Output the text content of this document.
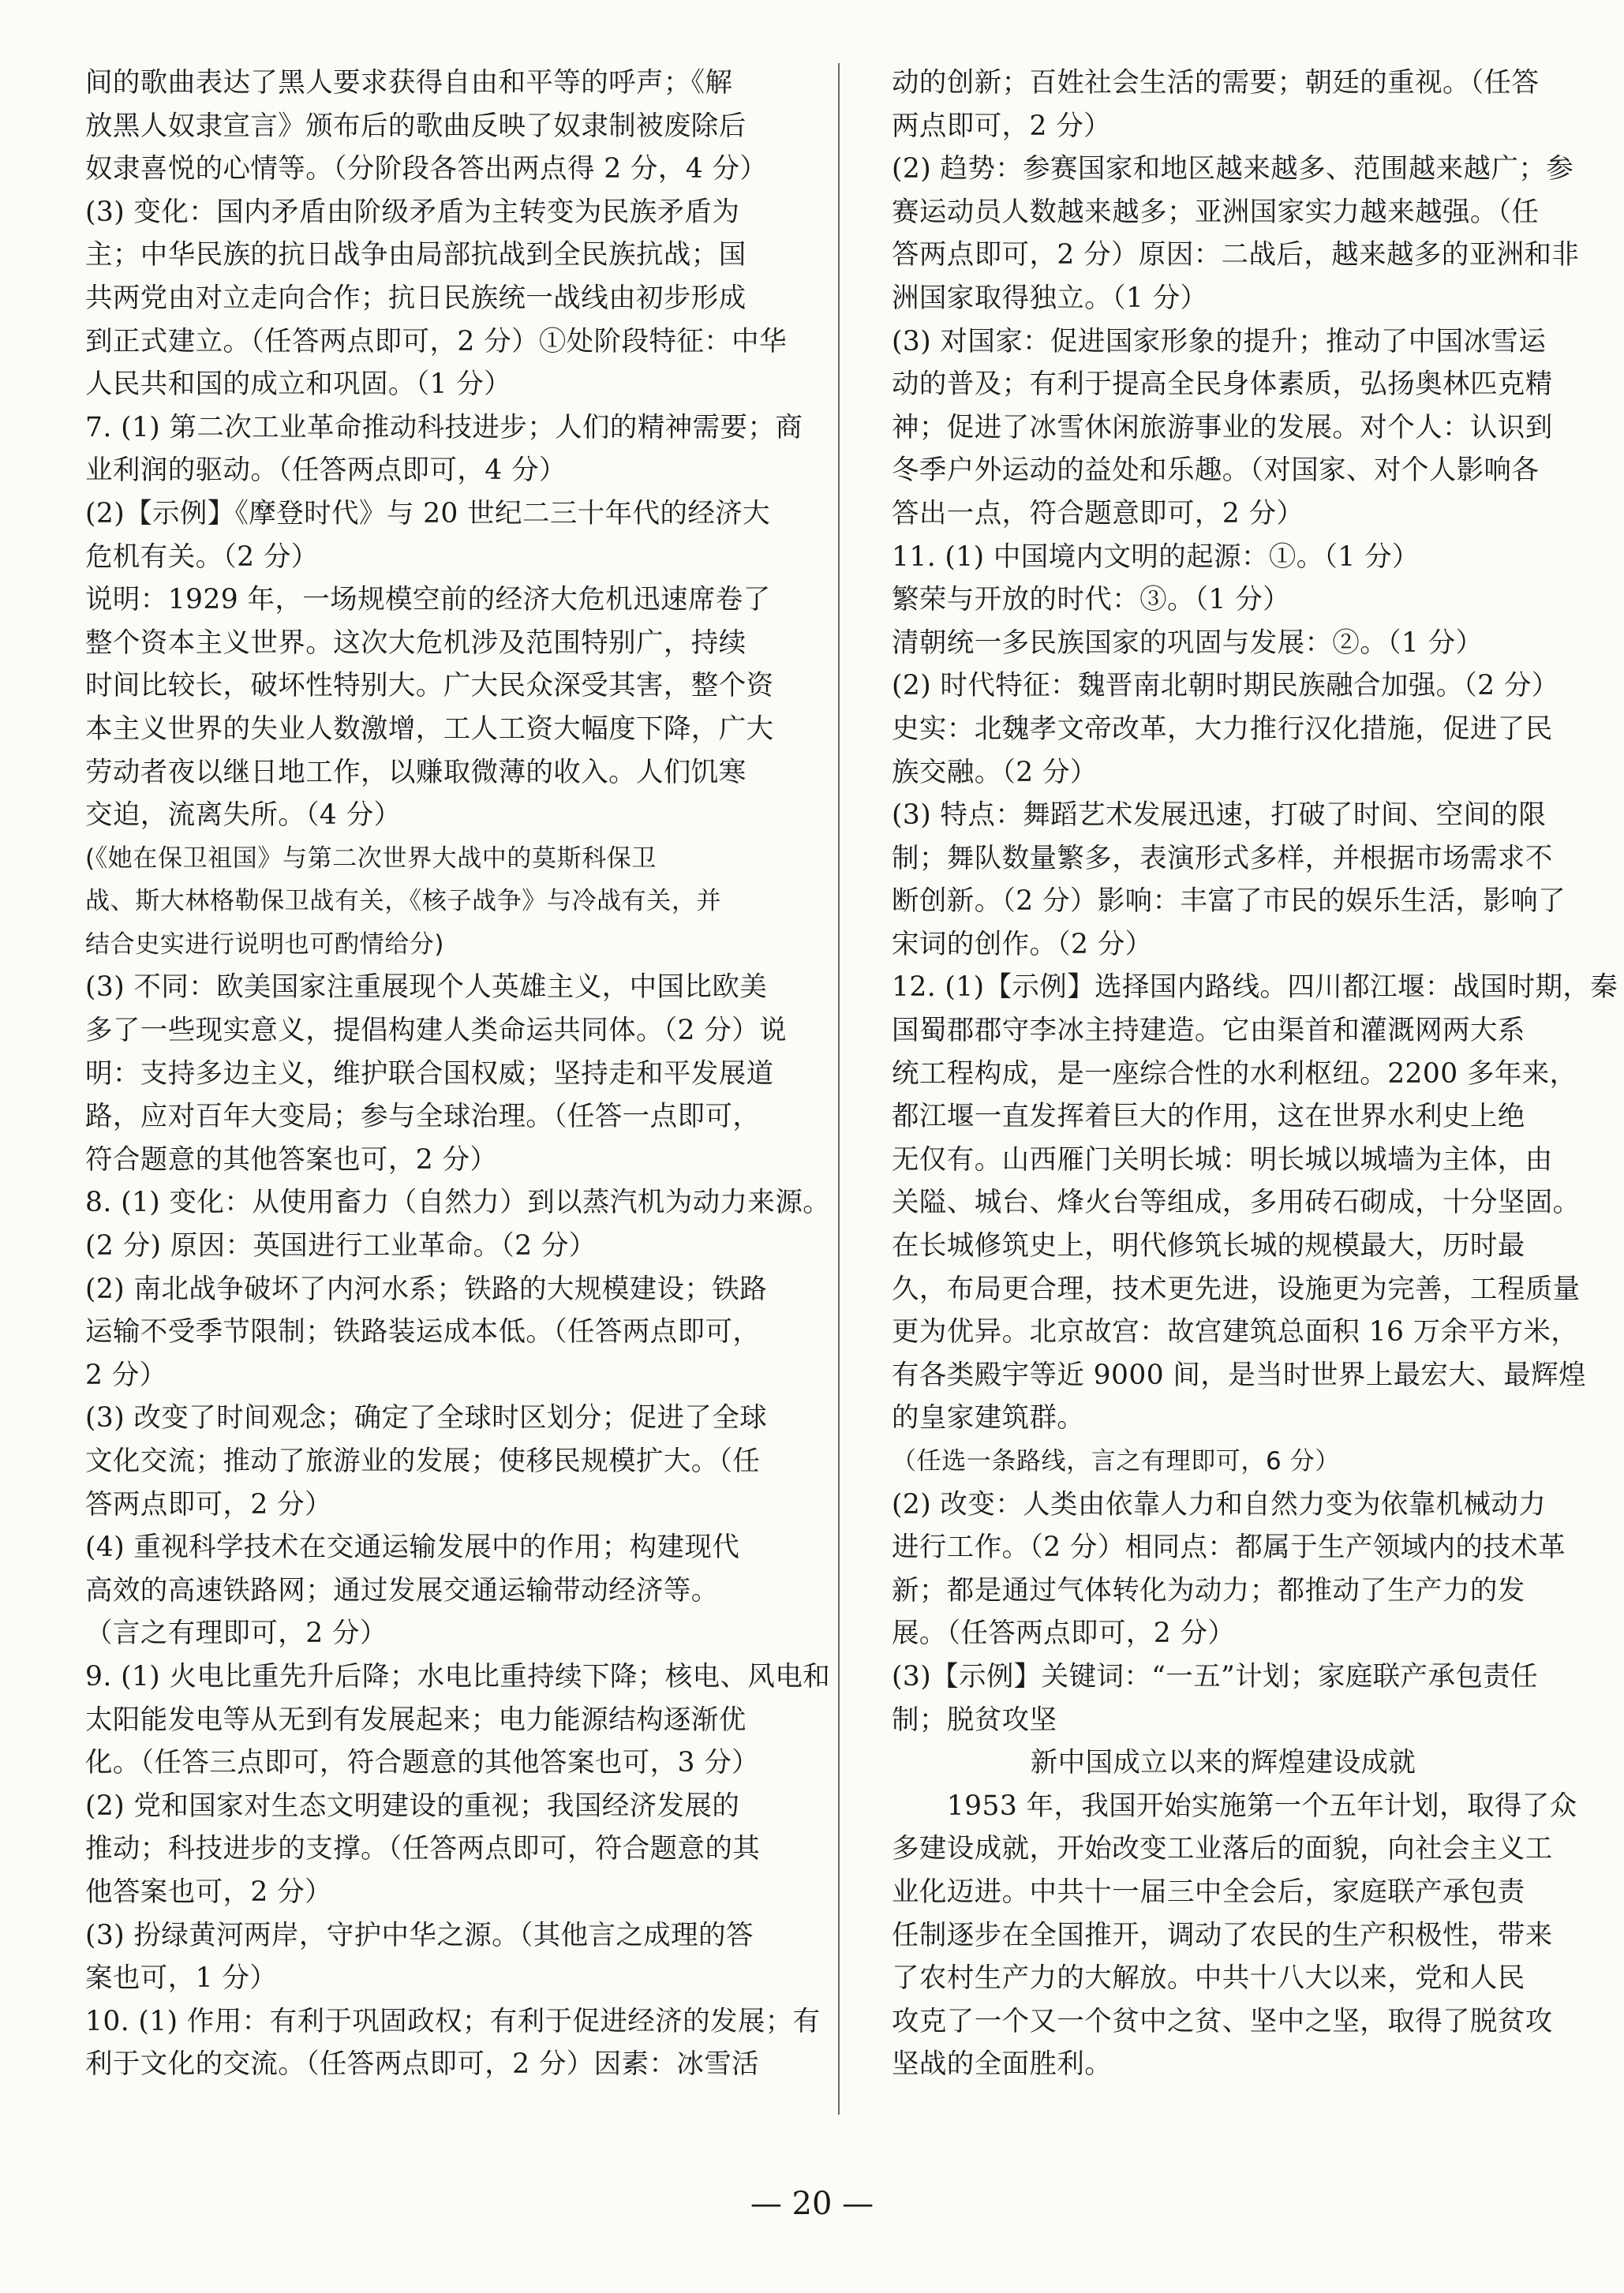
间的歌曲表达了黑人要求获得自由和平等的呼声；《解
放黑人奴隶宣言》颁布后的歌曲反映了奴隶制被废除后
奴隶喜悦的心情等。（分阶段各答出两点得 2 分，4 分）
(3) 变化：国内矛盾由阶级矛盾为主转变为民族矛盾为
主；中华民族的抗日战争由局部抗战到全民族抗战；国
共两党由对立走向合作；抗日民族统一战线由初步形成
到正式建立。（任答两点即可，2 分）①处阶段特征：中华
人民共和国的成立和巩固。（1 分）
7. (1) 第二次工业革命推动科技进步；人们的精神需要；商
业利润的驱动。（任答两点即可，4 分）
(2)【示例】《摩登时代》与 20 世纪二三十年代的经济大
危机有关。（2 分）
说明：1929 年，一场规模空前的经济大危机迅速席卷了
整个资本主义世界。这次大危机涉及范围特别广，持续
时间比较长，破坏性特别大。广大民众深受其害，整个资
本主义世界的失业人数激增，工人工资大幅度下降，广大
劳动者夜以继日地工作，以赚取微薄的收入。人们饥寒
交迫，流离失所。（4 分）
(《她在保卫祖国》与第二次世界大战中的莫斯科保卫
战、斯大林格勒保卫战有关，《核子战争》与冷战有关，并
结合史实进行说明也可酌情给分)
(3) 不同：欧美国家注重展现个人英雄主义，中国比欧美
多了一些现实意义，提倡构建人类命运共同体。（2 分）说
明：支持多边主义，维护联合国权威；坚持走和平发展道
路，应对百年大变局；参与全球治理。（任答一点即可，
符合题意的其他答案也可，2 分）
8. (1) 变化：从使用畜力（自然力）到以蒸汽机为动力来源。
(2 分) 原因：英国进行工业革命。（2 分）
(2) 南北战争破坏了内河水系；铁路的大规模建设；铁路
运输不受季节限制；铁路装运成本低。（任答两点即可，
2 分）
(3) 改变了时间观念；确定了全球时区划分；促进了全球
文化交流；推动了旅游业的发展；使移民规模扩大。（任
答两点即可，2 分）
(4) 重视科学技术在交通运输发展中的作用；构建现代
高效的高速铁路网；通过发展交通运输带动经济等。
（言之有理即可，2 分）
9. (1) 火电比重先升后降；水电比重持续下降；核电、风电和
太阳能发电等从无到有发展起来；电力能源结构逐渐优
化。（任答三点即可，符合题意的其他答案也可，3 分）
(2) 党和国家对生态文明建设的重视；我国经济发展的
推动；科技进步的支撑。（任答两点即可，符合题意的其
他答案也可，2 分）
(3) 扮绿黄河两岸，守护中华之源。（其他言之成理的答
案也可，1 分）
10. (1) 作用：有利于巩固政权；有利于促进经济的发展；有
利于文化的交流。（任答两点即可，2 分）因素：冰雪活
动的创新；百姓社会生活的需要；朝廷的重视。（任答
两点即可，2 分）
(2) 趋势：参赛国家和地区越来越多、范围越来越广；参
赛运动员人数越来越多；亚洲国家实力越来越强。（任
答两点即可，2 分）原因：二战后，越来越多的亚洲和非
洲国家取得独立。（1 分）
(3) 对国家：促进国家形象的提升；推动了中国冰雪运
动的普及；有利于提高全民身体素质，弘扬奥林匹克精
神；促进了冰雪休闲旅游事业的发展。对个人：认识到
冬季户外运动的益处和乐趣。（对国家、对个人影响各
答出一点，符合题意即可，2 分）
11. (1) 中国境内文明的起源：①。（1 分）
繁荣与开放的时代：③。（1 分）
清朝统一多民族国家的巩固与发展：②。（1 分）
(2) 时代特征：魏晋南北朝时期民族融合加强。（2 分）
史实：北魏孝文帝改革，大力推行汉化措施，促进了民
族交融。（2 分）
(3) 特点：舞蹈艺术发展迅速，打破了时间、空间的限
制；舞队数量繁多，表演形式多样，并根据市场需求不
断创新。（2 分）影响：丰富了市民的娱乐生活，影响了
宋词的创作。（2 分）
12. (1)【示例】选择国内路线。四川都江堰：战国时期，秦
国蜀郡郡守李冰主持建造。它由渠首和灌溉网两大系
统工程构成，是一座综合性的水利枢纽。2200 多年来，
都江堰一直发挥着巨大的作用，这在世界水利史上绝
无仅有。山西雁门关明长城：明长城以城墙为主体，由
关隘、城台、烽火台等组成，多用砖石砌成，十分坚固。
在长城修筑史上，明代修筑长城的规模最大，历时最
久，布局更合理，技术更先进，设施更为完善，工程质量
更为优异。北京故宫：故宫建筑总面积 16 万余平方米，
有各类殿宇等近 9000 间，是当时世界上最宏大、最辉煌
的皇家建筑群。
（任选一条路线，言之有理即可，6 分）
(2) 改变：人类由依靠人力和自然力变为依靠机械动力
进行工作。（2 分）相同点：都属于生产领域内的技术革
新；都是通过气体转化为动力；都推动了生产力的发
展。（任答两点即可，2 分）
(3)【示例】关键词：“一五”计划；家庭联产承包责任
制；脱贫攻坚
新中国成立以来的辉煌建设成就
　　1953 年，我国开始实施第一个五年计划，取得了众
多建设成就，开始改变工业落后的面貌，向社会主义工
业化迈进。中共十一届三中全会后，家庭联产承包责
任制逐步在全国推开，调动了农民的生产积极性，带来
了农村生产力的大解放。中共十八大以来，党和人民
攻克了一个又一个贫中之贫、坚中之坚，取得了脱贫攻
坚战的全面胜利。
— 20 —
